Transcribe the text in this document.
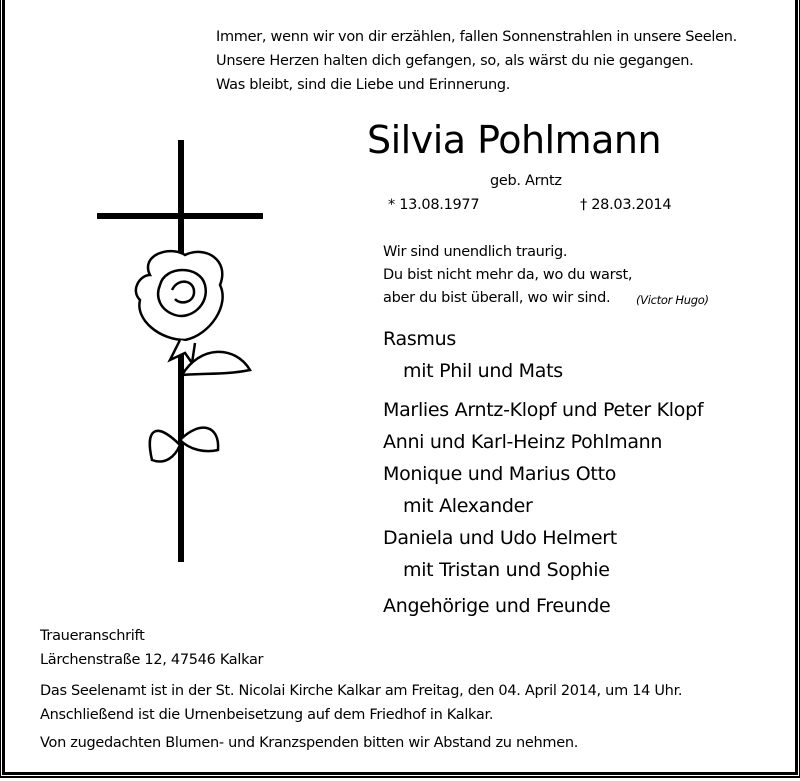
Immer, wenn wir von dir erzählen, fallen Sonnenstrahlen in unsere Seelen.
Unsere Herzen halten dich gefangen, so, als wärst du nie gegangen.
Was bleibt, sind die Liebe und Erinnerung.
Silvia Pohlmann
geb. Arntz
* 13.08.1977	† 28.03.2014
Wir sind unendlich traurig.
Du bist nicht mehr da, wo du warst,
aber du bist überall, wo wir sind. (Victor Hugo)
Rasmus
mit Phil und Mats
Marlies Arntz-Klopf und Peter Klopf
Anni und Karl-Heinz Pohlmann
Monique und Marius Otto
mit Alexander
Daniela und Udo Helmert
mit Tristan und Sophie
Angehörige und Freunde
Traueranschrift
Lärchenstraße 12, 47546 Kalkar
Das Seelenamt ist in der St. Nicolai Kirche Kalkar am Freitag, den 04. April 2014, um 14 Uhr.
Anschließend ist die Urnenbeisetzung auf dem Friedhof in Kalkar.
Von zugedachten Blumen- und Kranzspenden bitten wir Abstand zu nehmen.
